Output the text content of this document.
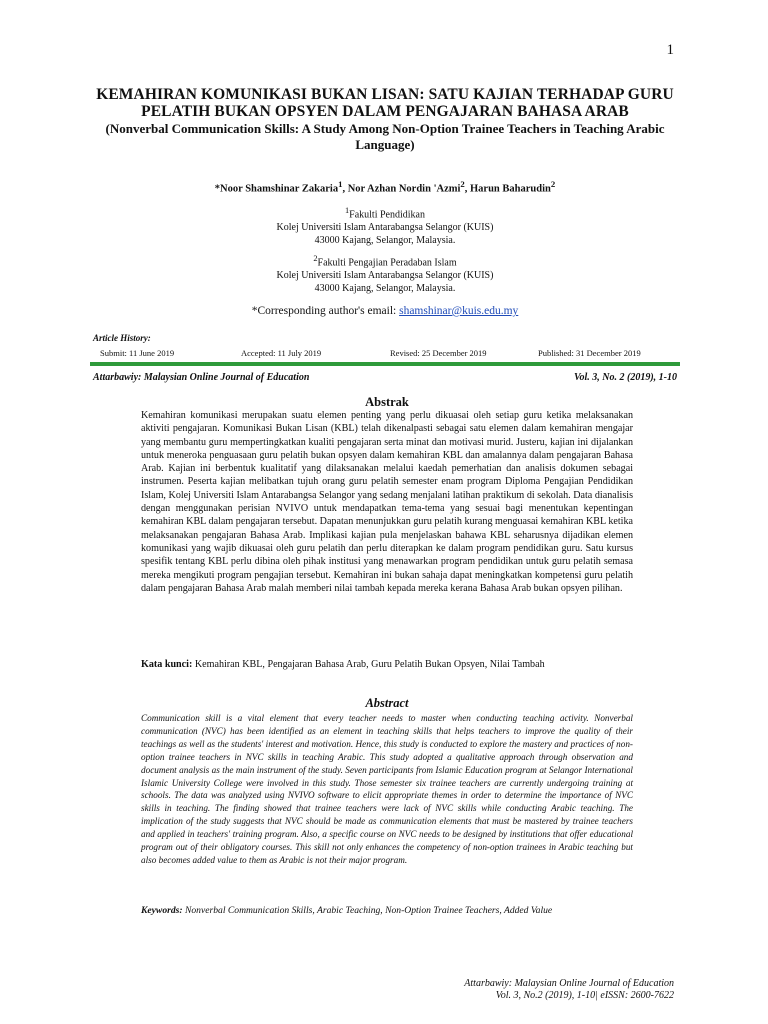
1
KEMAHIRAN KOMUNIKASI BUKAN LISAN: SATU KAJIAN TERHADAP GURU
PELATIH BUKAN OPSYEN DALAM PENGAJARAN BAHASA ARAB
(Nonverbal Communication Skills: A Study Among Non-Option Trainee Teachers in Teaching Arabic Language)
*Noor Shamshinar Zakaria$^1$, Nor Azhan Nordin 'Azmi$^2$, Harun Baharudin$^2$
$^1$Fakulti Pendidikan
Kolej Universiti Islam Antarabangsa Selangor (KUIS)
43000 Kajang, Selangor, Malaysia.
$^2$Fakulti Pengajian Peradaban Islam
Kolej Universiti Islam Antarabangsa Selangor (KUIS)
43000 Kajang, Selangor, Malaysia.
*Corresponding author's email: shamshinar@kuis.edu.my
Article History:
Submit: 11 June 2019	Accepted: 11 July 2019	Revised: 25 December 2019	Published: 31 December 2019
Attarbawiy: Malaysian Online Journal of Education	Vol. 3, No. 2 (2019), 1-10
Abstrak
Kemahiran komunikasi merupakan suatu elemen penting yang perlu dikuasai oleh setiap guru ketika melaksanakan aktiviti pengajaran. Komunikasi Bukan Lisan (KBL) telah dikenalpasti sebagai satu elemen dalam kemahiran mengajar yang membantu guru mempertingkatkan kualiti pengajaran serta minat dan motivasi murid. Justeru, kajian ini dijalankan untuk meneroka penguasaan guru pelatih bukan opsyen dalam kemahiran KBL dan amalannya dalam pengajaran Bahasa Arab. Kajian ini berbentuk kualitatif yang dilaksanakan melalui kaedah pemerhatian dan analisis dokumen sebagai instrumen. Peserta kajian melibatkan tujuh orang guru pelatih semester enam program Diploma Pengajian Pendidikan Islam, Kolej Universiti Islam Antarabangsa Selangor yang sedang menjalani latihan praktikum di sekolah. Data dianalisis dengan menggunakan perisian NVIVO untuk mendapatkan tema-tema yang sesuai bagi menentukan kepentingan kemahiran KBL dalam pengajaran tersebut. Dapatan menunjukkan guru pelatih kurang menguasai kemahiran KBL ketika melaksanakan pengajaran Bahasa Arab. Implikasi kajian pula menjelaskan bahawa KBL seharusnya dijadikan elemen komunikasi yang wajib dikuasai oleh guru pelatih dan perlu diterapkan ke dalam program pendidikan guru. Satu kursus spesifik tentang KBL perlu dibina oleh pihak institusi yang menawarkan program pendidikan untuk guru pelatih semasa mereka mengikuti program pengajian tersebut. Kemahiran ini bukan sahaja dapat meningkatkan kompetensi guru pelatih dalam pengajaran Bahasa Arab malah memberi nilai tambah kepada mereka kerana Bahasa Arab bukan opsyen pilihan.
Kata kunci: Kemahiran KBL, Pengajaran Bahasa Arab, Guru Pelatih Bukan Opsyen, Nilai Tambah
Abstract
Communication skill is a vital element that every teacher needs to master when conducting teaching activity. Nonverbal communication (NVC) has been identified as an element in teaching skills that helps teachers to improve the quality of their teachings as well as the students' interest and motivation. Hence, this study is conducted to explore the mastery and practices of non-option trainee teachers in NVC skills in teaching Arabic. This study adopted a qualitative approach through observation and document analysis as the main instrument of the study. Seven participants from Islamic Education program at Selangor International Islamic University College were involved in this study. Those semester six trainee teachers are currently undergoing training at schools. The data was analyzed using NVIVO software to elicit appropriate themes in order to determine the importance of NVC skills in teaching. The finding showed that trainee teachers were lack of NVC skills while conducting Arabic teaching. The implication of the study suggests that NVC should be made as communication elements that must be mastered by trainee teachers and applied in teachers' training program. Also, a specific course on NVC needs to be designed by institutions that offer educational program out of their obligatory courses. This skill not only enhances the competency of non-option trainees in Arabic teaching but also becomes added value to them as Arabic is not their major program.
Keywords: Nonverbal Communication Skills, Arabic Teaching, Non-Option Trainee Teachers, Added Value
Attarbawiy: Malaysian Online Journal of Education
Vol. 3, No.2 (2019), 1-10| eISSN: 2600-7622
